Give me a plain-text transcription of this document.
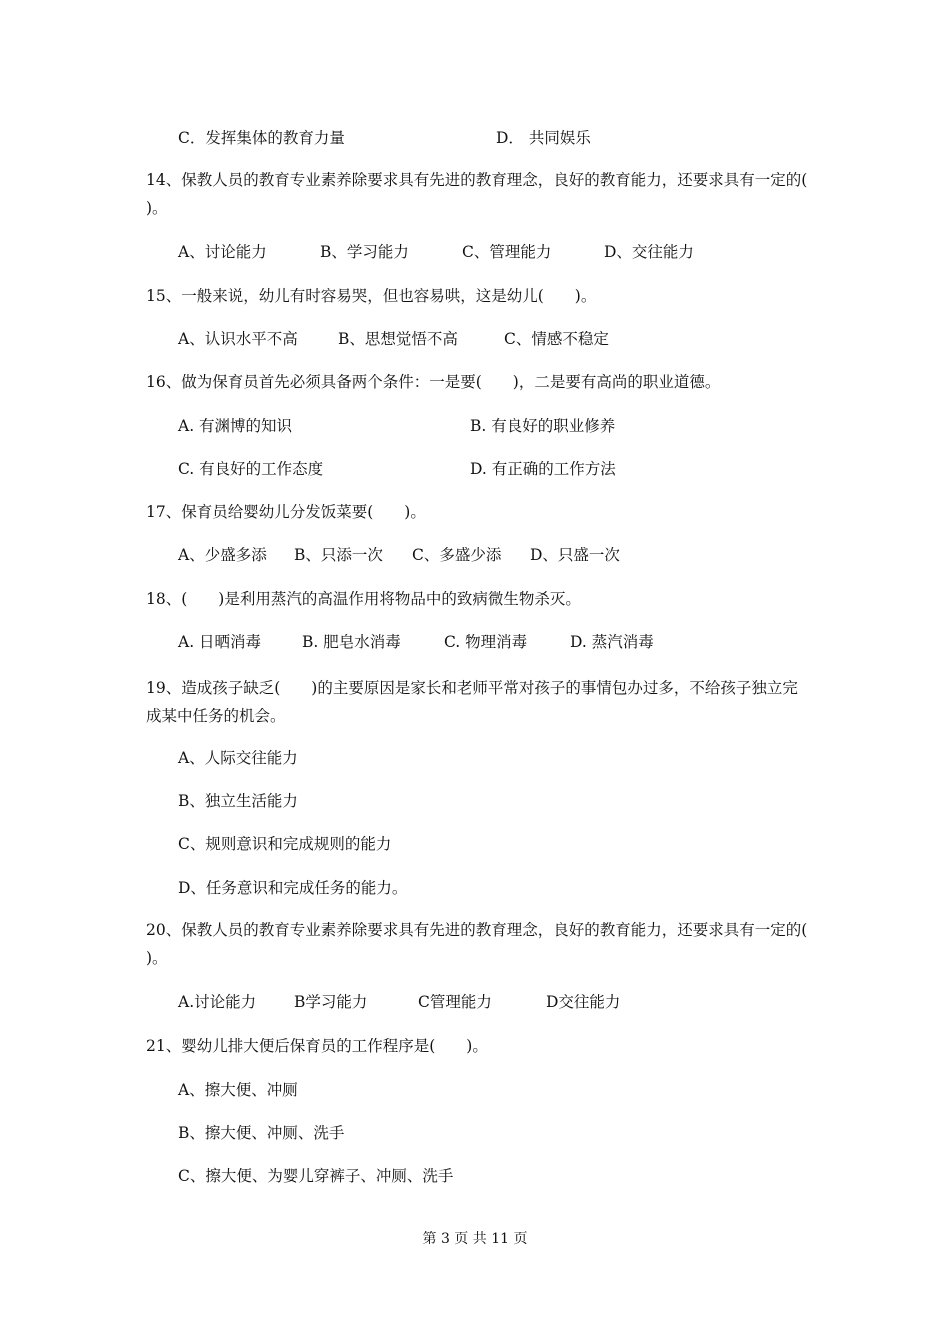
C．发挥集体的教育力量	D． 共同娱乐
14、保教人员的教育专业素养除要求具有先进的教育理念，良好的教育能力，还要求具有一定的(　　)。
A、讨论能力	B、学习能力	C、管理能力	D、交往能力
15、一般来说，幼儿有时容易哭，但也容易哄，这是幼儿(　　)。
A、认识水平不高	B、思想觉悟不高	C、情感不稳定
16、做为保育员首先必须具备两个条件：一是要(　　)，二是要有高尚的职业道德。
A. 有渊博的知识	B. 有良好的职业修养
C. 有良好的工作态度	D. 有正确的工作方法
17、保育员给婴幼儿分发饭菜要(　　)。
A、少盛多添	B、只添一次	C、多盛少添	D、只盛一次
18、(　　)是利用蒸汽的高温作用将物品中的致病微生物杀灭。
A. 日晒消毒	B. 肥皂水消毒	C. 物理消毒	D. 蒸汽消毒
19、造成孩子缺乏(　　)的主要原因是家长和老师平常对孩子的事情包办过多，不给孩子独立完成某中任务的机会。
A、人际交往能力
B、独立生活能力
C、规则意识和完成规则的能力
D、任务意识和完成任务的能力。
20、保教人员的教育专业素养除要求具有先进的教育理念，良好的教育能力，还要求具有一定的(　　)。
A.讨论能力	B学习能力	C管理能力	D交往能力
21、婴幼儿排大便后保育员的工作程序是(　　)。
A、擦大便、冲厕
B、擦大便、冲厕、洗手
C、擦大便、为婴儿穿裤子、冲厕、洗手
第 3 页 共 11 页
